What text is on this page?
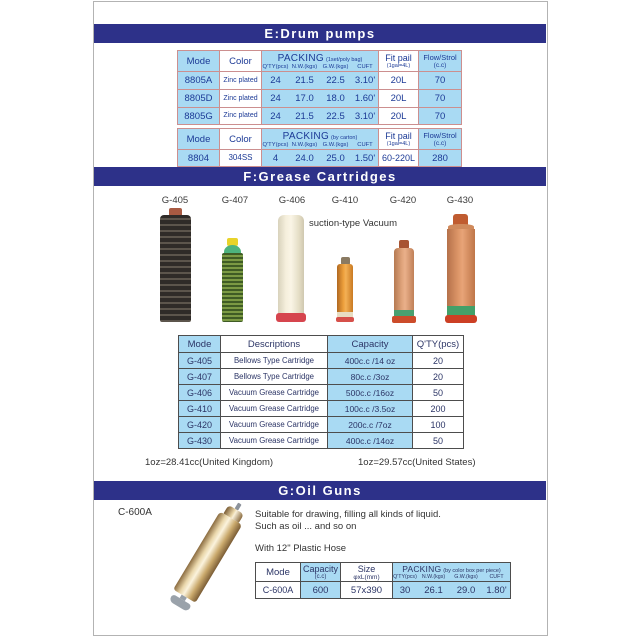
E:Drum pumps
Mode	Color	PACKING (1set/poly bag)
Q'TY(pcs) N.W.(kgs) G.W.(kgs)	CUFT
Fit pail
(1gal=4L)
Flow/Strol
(c.c)
8805A	Zinc plated	24	21.5	22.5	3.10'	20L	70
8805D	Zinc plated	24	17.0	18.0	1.60'	20L	70
8805G	Zinc plated	24	21.5	22.5	3.10'	20L	70
Mode	Color	PACKING (by carton)
Q'TY(pcs) N.W.(kgs) G.W.(kgs)	CUFT
Fit pail
(1gal=4L)
Flow/Strol
(c.c)
8804	304SS	4	24.0	25.0	1.50' 60-220L	280
F:Grease Cartridges
G-405	G-407	G-406	G-410	G-420	G-430
suction-type Vacuum
Mode	Descriptions	Capacity	Q'TY(pcs)
G-405	Bellows Type Cartridge	400c.c /14 oz	20
G-407	Bellows Type Cartridge	80c.c /3oz	20
G-406	Vacuum Grease Cartridge	500c.c /16oz	50
G-410	Vacuum Grease Cartridge	100c.c /3.5oz	200
G-420	Vacuum Grease Cartridge	200c.c /7oz	100
G-430	Vacuum Grease Cartridge	400c.c /14oz	50
1oz=28.41cc(United Kingdom)	1oz=29.57cc(United States)
G:Oil Guns
C-600A	Suitable for drawing, filling all kinds of liquid.
Such as oil ... and so on
With 12" Plastic Hose
Mode	Capacity
(c.c)
Size
φxL(mm)
PACKING (by color box per piece)
Q'TY(pcs) N.W.(kgs)	G.W.(kgs)	CUFT
C-600A	600	57x390	30	26.1	29.0	1.80'
